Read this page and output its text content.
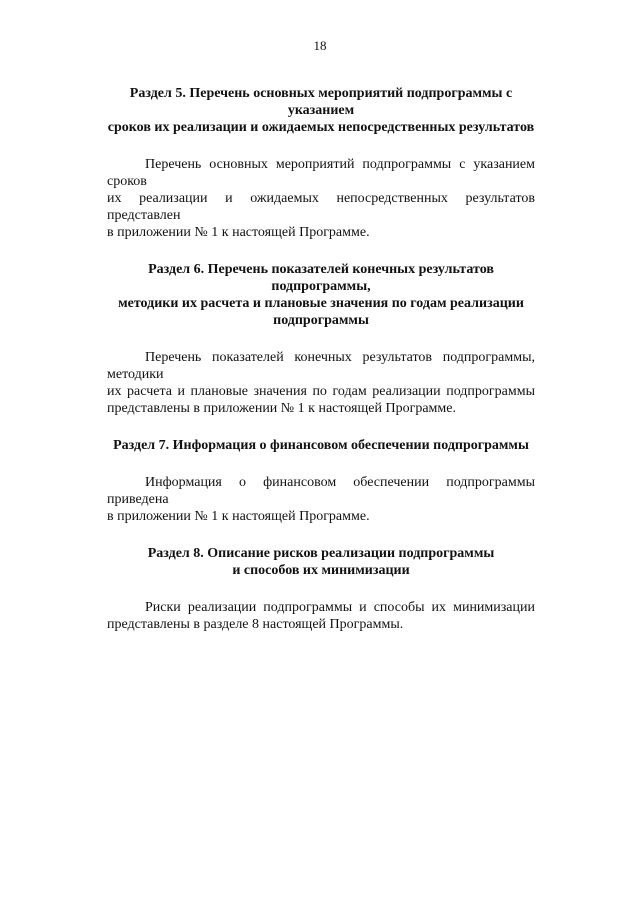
18
Раздел 5. Перечень основных мероприятий подпрограммы с указанием
сроков их реализации и ожидаемых непосредственных результатов

Перечень основных мероприятий подпрограммы с указанием сроков
их реализации и ожидаемых непосредственных результатов представлен
в приложении № 1 к настоящей Программе.

Раздел 6. Перечень показателей конечных результатов подпрограммы,
методики их расчета и плановые значения по годам реализации
подпрограммы

Перечень показателей конечных результатов подпрограммы, методики
их расчета и плановые значения по годам реализации подпрограммы
представлены в приложении № 1 к настоящей Программе.

Раздел 7. Информация о финансовом обеспечении подпрограммы

Информация о финансовом обеспечении подпрограммы приведена
в приложении № 1 к настоящей Программе.

Раздел 8. Описание рисков реализации подпрограммы
и способов их минимизации

Риски реализации подпрограммы и способы их минимизации
представлены в разделе 8 настоящей Программы.
